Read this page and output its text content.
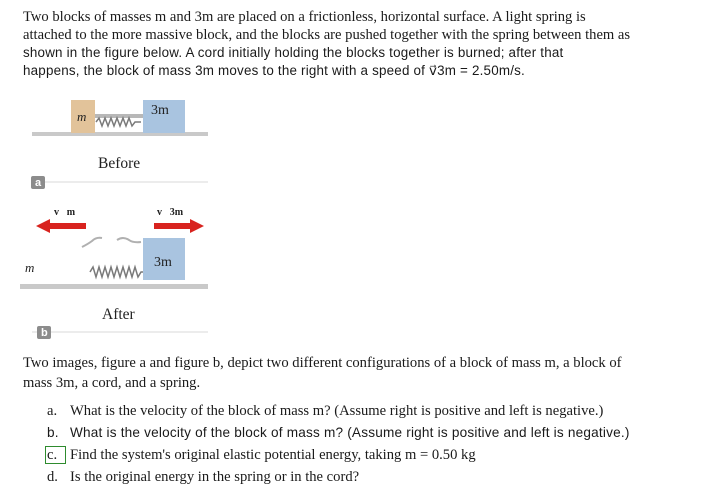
Two blocks of masses m and 3m are placed on a frictionless, horizontal surface. A light spring is
attached to the more massive block, and the blocks are pushed together with the spring between them as
shown in the figure below. A cord initially holding the blocks together is burned; after that
happens, the block of mass 3m moves to the right with a speed of v⃗3m = 2.50m/s.
m	3m
Before
a
v⃗m	v⃗3m
3m
m
After
b
Two images, figure a and figure b, depict two different configurations of a block of mass m, a block of
mass 3m, a cord, and a spring.
a. What is the velocity of the block of mass m? (Assume right is positive and left is negative.)
b. What is the velocity of the block of mass m? (Assume right is positive and left is negative.)
c. Find the system's original elastic potential energy, taking m = 0.50 kg
d. Is the original energy in the spring or in the cord?
